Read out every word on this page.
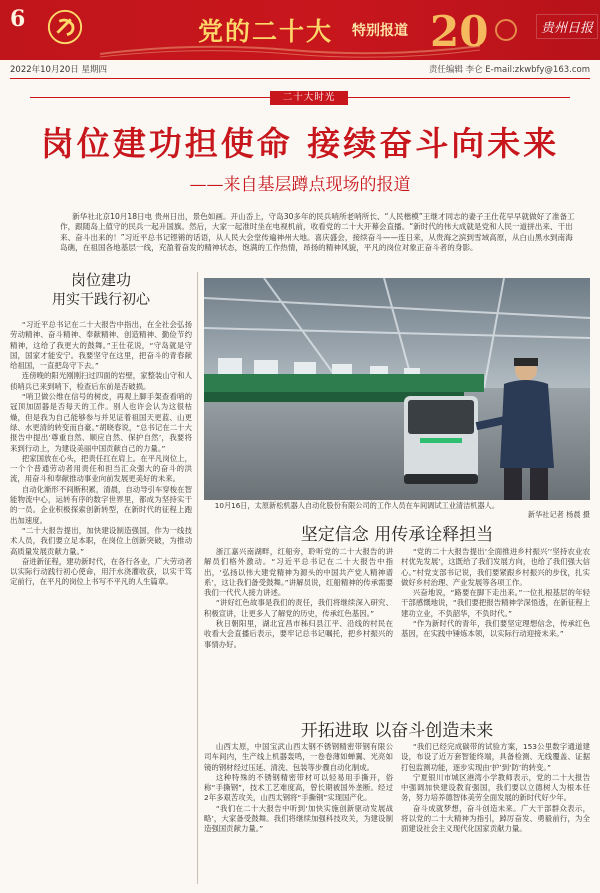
6	党的二十大 特别报道 20	贵州日报
2022年10月20日 星期四	责任编辑 李仑 E-mail:zkwbfy@163.com
二十大时光
岗位建功担使命 接续奋斗向未来
——来自基层蹲点现场的报道
新华社北京10月18日电 贵州日出，景色如画。开山岙上，守岛30多年的民兵哨所老哨所长、“人民楷模”王继才同志的妻子王仕花早早就做好了准备工作，跟随岛上值守的民兵一起升国旗。然后，大家一起准时坐在电视机前，收看党的二十大开幕会直播。“新时代的伟大成就是党和人民一道拼出来、干出来、奋斗出来的！”习近平总书记铿锵的话语，从人民大会堂传遍神州大地。喜庆盛会，接续奋斗——连日来，从贵海之滨到雪域高原，从白山黑水到南海岛礁，在祖国各地基层一线，充盈着奋发的精神状态，饱满的工作热情，昂扬的精神风貌，平凡的岗位对象正奋斗者的身影。
岗位建功
用实干践行初心

“习近平总书记在二十大报告中指出，在全社会弘扬劳动精神、奋斗精神、奉献精神、创造精神、勤俭节约精神，这给了我更大的鼓舞。”王仕花说，“守岛就是守国，国家才能安宁。我要坚守在这里，把奋斗的青春献给祖国，一直把岛守下去。”

连傍晚的阳光刚刚扫过四面的岩壁，家整装山守和人侦哨兵已来到哨下，检查后东前是否破损。

“哨卫做公维在信号的树皮，再观上脚手架查看哨的冠顶加固器是否每天的工作。别人也许会认为这很枯燥，但是我为自己能够参与并见证着祖国天更蓝、山更绿、水更清的转变而自豪。”胡晓春说，“总书记在二十大报告中提出‘尊重自然、顺应自然、保护自然’，我要将来到行动上，为建设美丽中国贡献自己的力量。”

把家国放在心头，把责任扛在肩上。在平凡岗位上，一个个普通劳动者用责任和担当汇众强大的奋斗的洪流，用奋斗和奉献推动事业向前发展更美好的未来。

自动化渐形不间断积累，清晨，自动导引车穿梭在智能物流中心，运转有序的数字世界里，都成为坚持实干的一员。企业积极探索创新转型，在新时代的征程上跑出加速度。

“二十大报告提出，加快建设制造强国，作为一线技术人员，我们要立足本职，在岗位上创新突破，为推动高质量发展贡献力量。”

奋进新征程，建功新时代，在各行各业，广大劳动者以实际行动践行初心使命，用汗水浇灌收获，以实干笃定前行，在平凡的岗位上书写不平凡的人生篇章。

10月16日，太原新松机器人自动化股份有限公司的工作人员在车间调试工业清洁机器人。
新华社记者 杨晨 摄
坚定信念 用传承诠释担当

浙江嘉兴南湖畔，红船旁，聆听党的二十大报告的讲解员们格外激动。“习近平总书记在二十大报告中指出，‘弘扬以伟大建党精神为源头的中国共产党人精神谱系’，这让我们备受鼓舞。”讲解员说，红船精神的传承需要我们一代代人接力讲述。

“讲好红色故事是我们的责任，我们将继续深入研究、积极宣讲，让更多人了解党的历史，传承红色基因。”

秋日朝阳里，湖北宜昌市秭归县江平、沿线的村民在收看大会直播后表示，要牢记总书记嘱托，把乡村振兴的事情办好。

“党的二十大报告提出‘全面推进乡村振兴’‘坚持农业农村优先发展’，这既给了我们发展方向，也给了我们强大信心。”村党支部书记说，我们要紧跟乡村振兴的步伐，扎实做好乡村治理、产业发展等各项工作。

兴奋地说，“路要在脚下走出来。”一位扎根基层的年轻干部感慨地说，“我们要把报告精神学深悟透，在新征程上建功立业，不负韶华，不负时代。”

“作为新时代的青年，我们要坚定理想信念，传承红色基因，在实践中锤炼本领，以实际行动迎接未来。”

开拓进取 以奋斗创造未来

山西太原，中国宝武山西太钢不锈钢精密带钢有限公司车间内，生产线上机器轰鸣，一卷卷薄如蝉翼、光亮如镜的钢材经过压延、清洗、包装等步骤自动化制成。

这种特殊的不锈钢精密带材可以轻易用手撕开，俗称“手撕钢”，技术工艺难度高，曾长期被国外垄断。经过2年多艰苦攻关，山西太钢将“手撕钢”实现国产化。

“我们在二十大报告中听到‘加快实施创新驱动发展战略’，大家备受鼓舞。我们将继续加强科技攻关，为建设制造强国贡献力量。”

“我们已经完成碳带的试验方案，153公里数字通道建设，布设了近万套智能终端，具备检测、无线覆盖、证据打包监测功能，逐步实现由‘护’到‘防’的转变。”

宁夏银川市城区港湾小学教师表示，党的二十大报告中强调加快建设教育强国，我们要以立德树人为根本任务，努力培养德智体美劳全面发展的新时代好少年。

奋斗成就梦想，奋斗创造未来。广大干部群众表示，将以党的二十大精神为指引，踔厉奋发、勇毅前行，为全面建设社会主义现代化国家贡献力量。
